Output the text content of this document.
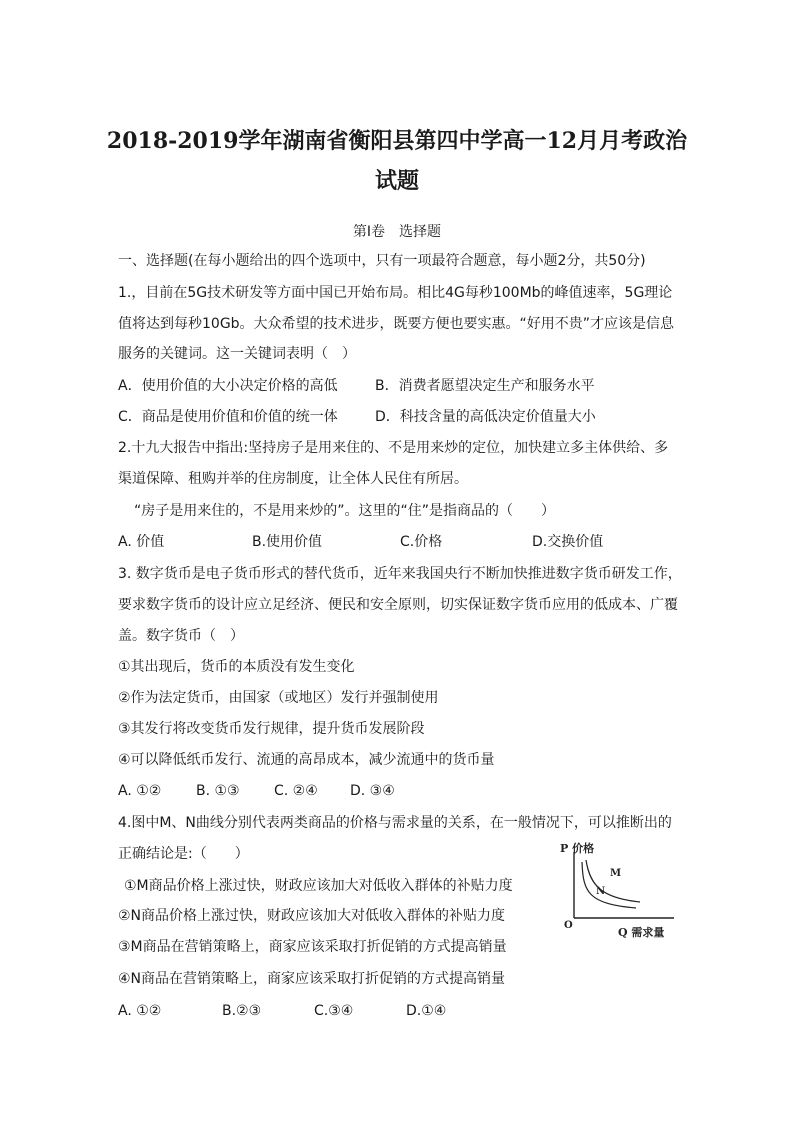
2018-2019学年湖南省衡阳县第四中学高一12月月考政治
试题
第Ⅰ卷　选择题
一、选择题(在每小题给出的四个选项中，只有一项最符合题意，每小题2分，共50分)
1.，目前在5G技术研发等方面中国已开始布局。相比4G每秒100Mb的峰值速率，5G理论
值将达到每秒10Gb。大众希望的技术进步，既要方便也要实惠。“好用不贵”才应该是信息
服务的关键词。这一关键词表明（　）
A．使用价值的大小决定价格的高低	B．消费者愿望决定生产和服务水平
C．商品是使用价值和价值的统一体	D．科技含量的高低决定价值量大小
2.十九大报告中指出:坚持房子是用来住的、不是用来炒的定位，加快建立多主体供给、多
渠道保障、租购并举的住房制度，让全体人民住有所居。
“房子是用来住的，不是用来炒的”。这里的“住”是指商品的（　　）
A. 价值	B.使用价值	C.价格	D.交换价值
3. 数字货币是电子货币形式的替代货币，近年来我国央行不断加快推进数字货币研发工作，
要求数字货币的设计应立足经济、便民和安全原则，切实保证数字货币应用的低成本、广覆
盖。数字货币（　）
①其出现后，货币的本质没有发生变化
②作为法定货币，由国家（或地区）发行并强制使用
③其发行将改变货币发行规律，提升货币发展阶段
④可以降低纸币发行、流通的高昂成本，减少流通中的货币量
A. ①② B. ①③ C. ②④ D. ③④
4.图中M、N曲线分别代表两类商品的价格与需求量的关系，在一般情况下，可以推断出的
正确结论是:（　　）
①M商品价格上涨过快，财政应该加大对低收入群体的补贴力度
②N商品价格上涨过快，财政应该加大对低收入群体的补贴力度
③M商品在营销策略上，商家应该采取打折促销的方式提高销量
④N商品在营销策略上，商家应该采取打折促销的方式提高销量
A. ①②	B.②③	C.③④	D.①④
P 价格
M
N
O
Q 需求量
